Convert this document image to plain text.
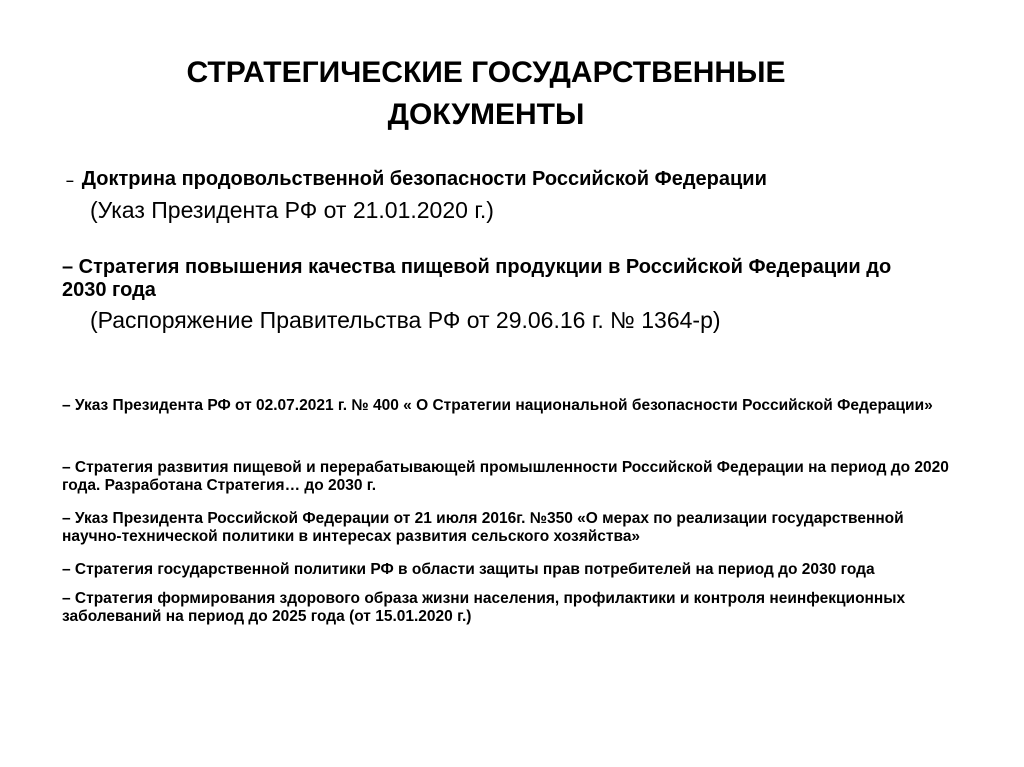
СТРАТЕГИЧЕСКИЕ ГОСУДАРСТВЕННЫЕ
ДОКУМЕНТЫ

– Доктрина продовольственной безопасности Российской Федерации

(Указ Президента РФ от 21.01.2020 г.)

– Стратегия повышения качества пищевой продукции в Российской Федерации до 2030 года

(Распоряжение Правительства РФ от 29.06.16 г. № 1364-р)

– Указ Президента РФ от 02.07.2021 г. № 400 « О Стратегии национальной безопасности Российской Федерации»

– Стратегия развития пищевой и перерабатывающей промышленности Российской Федерации на период до 2020 года. Разработана Стратегия… до 2030 г.

– Указ Президента Российской Федерации от 21 июля 2016г. №350 «О мерах по реализации государственной научно-технической политики в интересах развития сельского хозяйства»

– Стратегия государственной политики РФ в области защиты прав потребителей на период до 2030 года

– Стратегия формирования здорового образа жизни населения, профилактики и контроля неинфекционных заболеваний на период до 2025 года (от 15.01.2020 г.)
